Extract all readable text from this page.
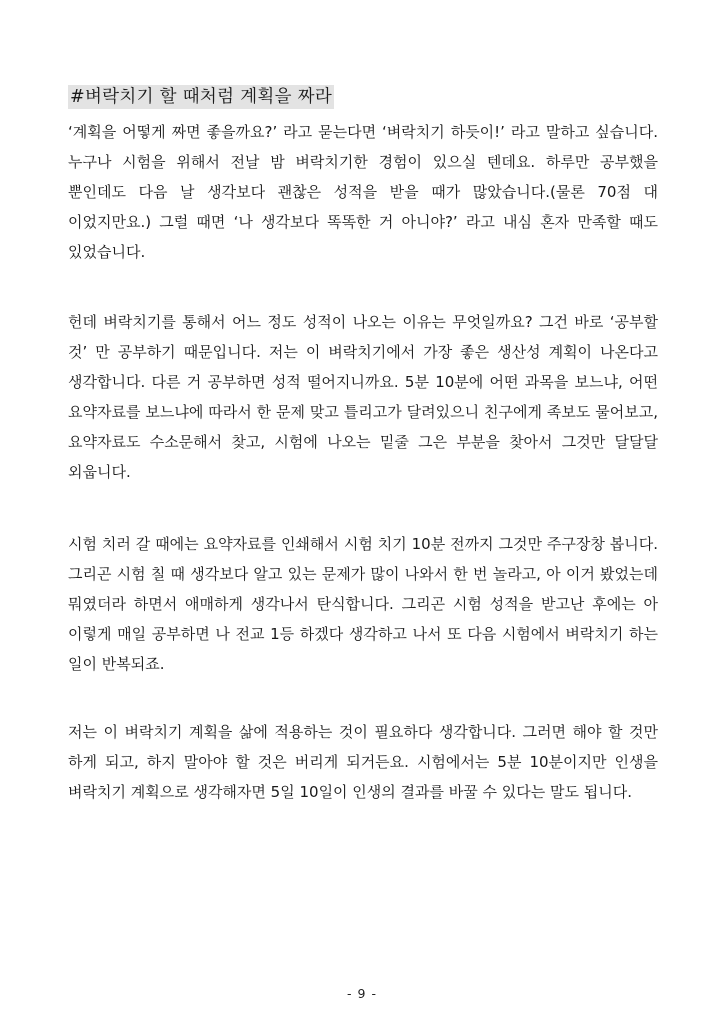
#벼락치기 할 때처럼 계획을 짜라

‘계획을 어떻게 짜면 좋을까요?’ 라고 묻는다면 ‘벼락치기 하듯이!’ 라고 말하고 싶습니다. 누구나 시험을 위해서 전날 밤 벼락치기한 경험이 있으실 텐데요. 하루만 공부했을 뿐인데도 다음 날 생각보다 괜찮은 성적을 받을 때가 많았습니다.(물론 70점 대 이었지만요.) 그럴 때면 ‘나 생각보다 똑똑한 거 아니야?’ 라고 내심 혼자 만족할 때도 있었습니다.

헌데 벼락치기를 통해서 어느 정도 성적이 나오는 이유는 무엇일까요? 그건 바로 ‘공부할 것’ 만 공부하기 때문입니다. 저는 이 벼락치기에서 가장 좋은 생산성 계획이 나온다고 생각합니다. 다른 거 공부하면 성적 떨어지니까요. 5분 10분에 어떤 과목을 보느냐, 어떤 요약자료를 보느냐에 따라서 한 문제 맞고 틀리고가 달려있으니 친구에게 족보도 물어보고, 요약자료도 수소문해서 찾고, 시험에 나오는 밑줄 그은 부분을 찾아서 그것만 달달달 외웁니다.

시험 치러 갈 때에는 요약자료를 인쇄해서 시험 치기 10분 전까지 그것만 주구장창 봅니다. 그리곤 시험 칠 때 생각보다 알고 있는 문제가 많이 나와서 한 번 놀라고, 아 이거 봤었는데 뭐였더라 하면서 애매하게 생각나서 탄식합니다. 그리곤 시험 성적을 받고난 후에는 아 이렇게 매일 공부하면 나 전교 1등 하겠다 생각하고 나서 또 다음 시험에서 벼락치기 하는 일이 반복되죠.

저는 이 벼락치기 계획을 삶에 적용하는 것이 필요하다 생각합니다. 그러면 해야 할 것만 하게 되고, 하지 말아야 할 것은 버리게 되거든요. 시험에서는 5분 10분이지만 인생을 벼락치기 계획으로 생각해자면 5일 10일이 인생의 결과를 바꿀 수 있다는 말도 됩니다.

- 9 -
